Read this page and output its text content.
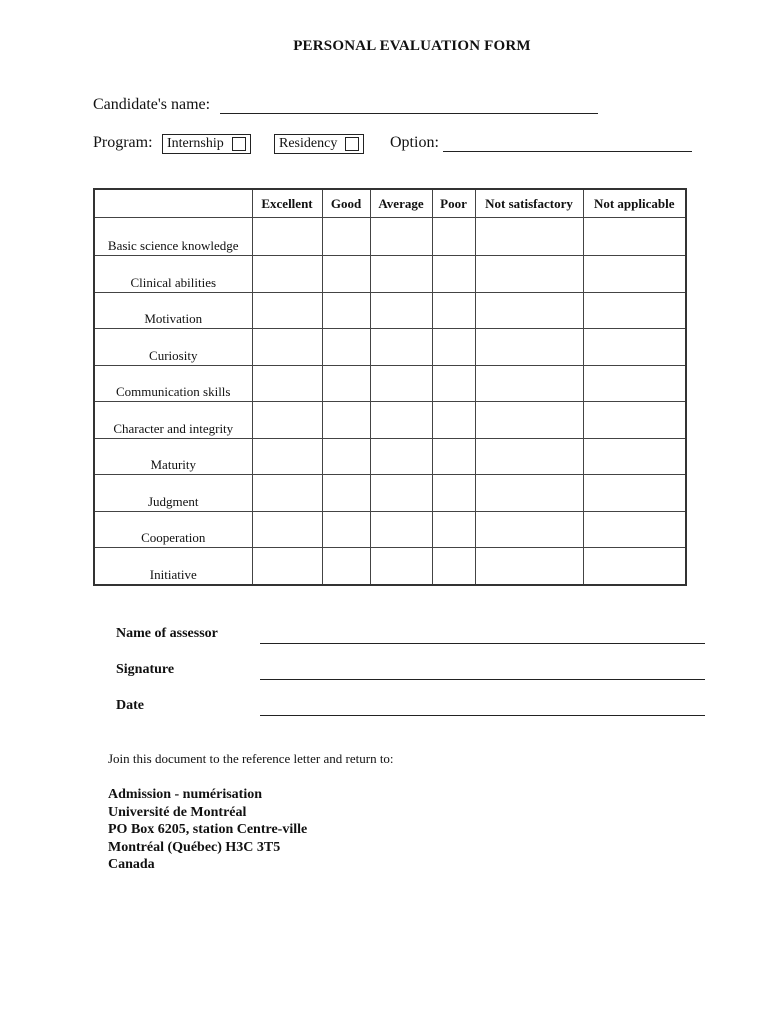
PERSONAL EVALUATION FORM
Candidate's name:
Program: Internship	Residency	Option:
	Excellent	Good	Average	Poor	Not satisfactory	Not applicable
Basic science knowledge						
Clinical abilities						
Motivation						
Curiosity						
Communication skills						
Character and integrity						
Maturity						
Judgment						
Cooperation						
Initiative						
Name of assessor
Signature
Date
Join this document to the reference letter and return to:
Admission - numérisation
Université de Montréal
PO Box 6205, station Centre-ville
Montréal (Québec) H3C 3T5
Canada
